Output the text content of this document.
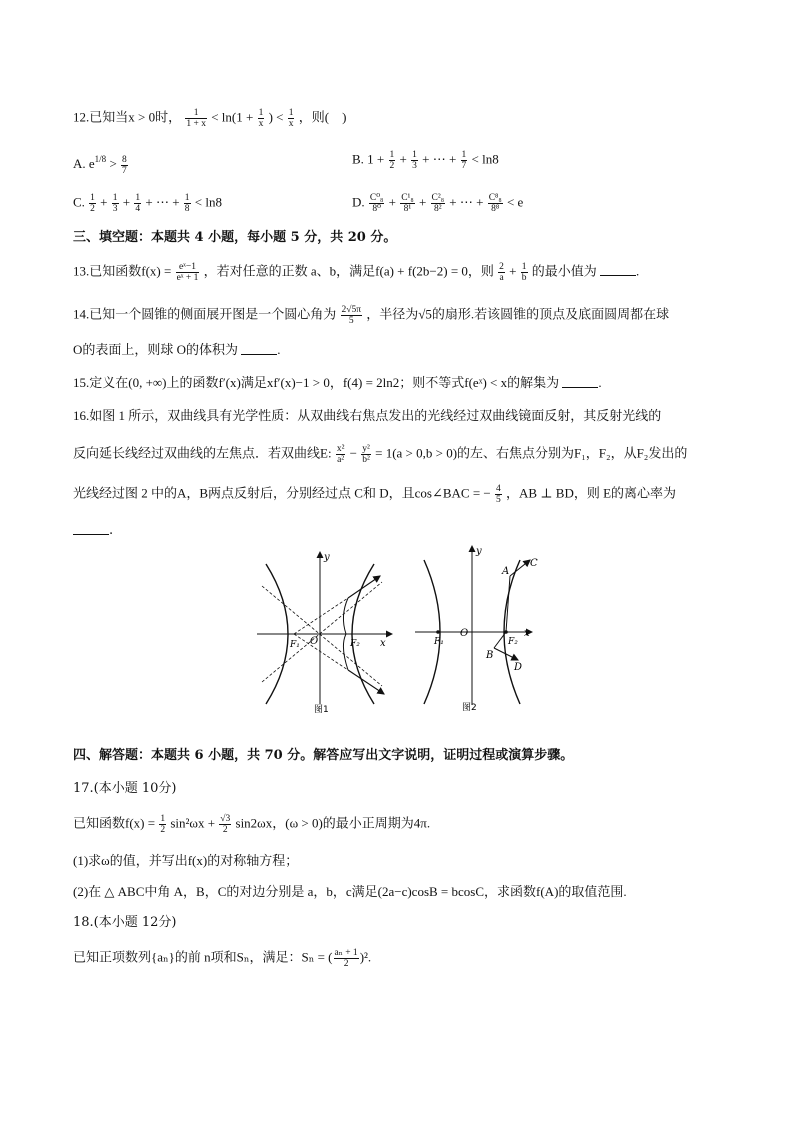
12.已知当x > 0时， $\frac{1}{1 + x} < \ln(1 + \frac{1}{x}$ ) < $\frac{1}{x}$ ，则(　)
A. $e^{1/8} > \frac{8}{7}$	B. $1 + \frac{1}{2} + \frac{1}{3}$ + ⋯ + $\frac{1}{7} < \ln 8$
C. $\frac{1}{2} + \frac{1}{3} + \frac{1}{4}$ + ⋯ + $\frac{1}{8} < \ln 8$	D. $\frac{\text{C⁰₈}}{\text{8⁰}} + \frac{\text{C¹₈}}{\text{8¹}} + \frac{\text{C²₈}}{\text{8²}}$ + ⋯ + $\frac{\text{C⁸₈}}{\text{8⁸}} < e$
三、填空题：本题共 4 小题，每小题 5 分，共 20 分。
13.已知函数$f(x) = \frac{\text{eˣ−1}}{\text{eˣ + 1}}$ ，若对任意的正数 a、b，满足f(a) + f(2b−2) = 0，则 $\frac{2}{a} + \frac{1}{b}$ 的最小值为	.
14.已知一个圆锥的侧面展开图是一个圆心角为 $\frac{2√5\pi}{5}$ ，半径为√5的扇形.若该圆锥的顶点及底面圆周都在球
O的表面上，则球 O的体积为	.
15.定义在(0, +∞)上的函数f′(x)满足xf′(x)−1 > 0，f(4) = 2ln2；则不等式f(eˣ) < x的解集为	.
16.如图 1 所示，双曲线具有光学性质：从双曲线右焦点发出的光线经过双曲线镜面反射，其反射光线的
反向延长线经过双曲线的左焦点．若双曲线E: $\frac{\text{x²}}{\text{a²}} - \frac{\text{y²}}{\text{b²}} = 1(a > 0,b > 0)$的左、右焦点分别为F₁，F₂，从F₂发出的
光线经过图 2 中的A，B两点反射后，分别经过点 C和 D，且cos∠BAC = − $\frac{4}{5}$ ，AB ⊥ BD，则 E的离心率为
.
y
x
O
F₁	F₂
图1
y
x
O
F₁	F₂
A
B
C
D
图2
四、解答题：本题共 6 小题，共 70 分。解答应写出文字说明，证明过程或演算步骤。
17.(本小题 10分)
已知函数$f(x) = \frac{1}{2} \sin^2\omega x + \frac{√3}{2} \sin 2\omega x$，(ω > 0)的最小正周期为4π.
(1)求ω的值，并写出f(x)的对称轴方程；
(2)在 △ ABC中角 A，B，C的对边分别是 a，b，c满足(2a−c)cosB = bcosC，求函数f(A)的取值范围.
18.(本小题 12分)
已知正项数列{aₙ}的前 n项和Sₙ，满足：Sₙ = ( $\frac{\text{aₙ + 1}}{2} )^2$.
